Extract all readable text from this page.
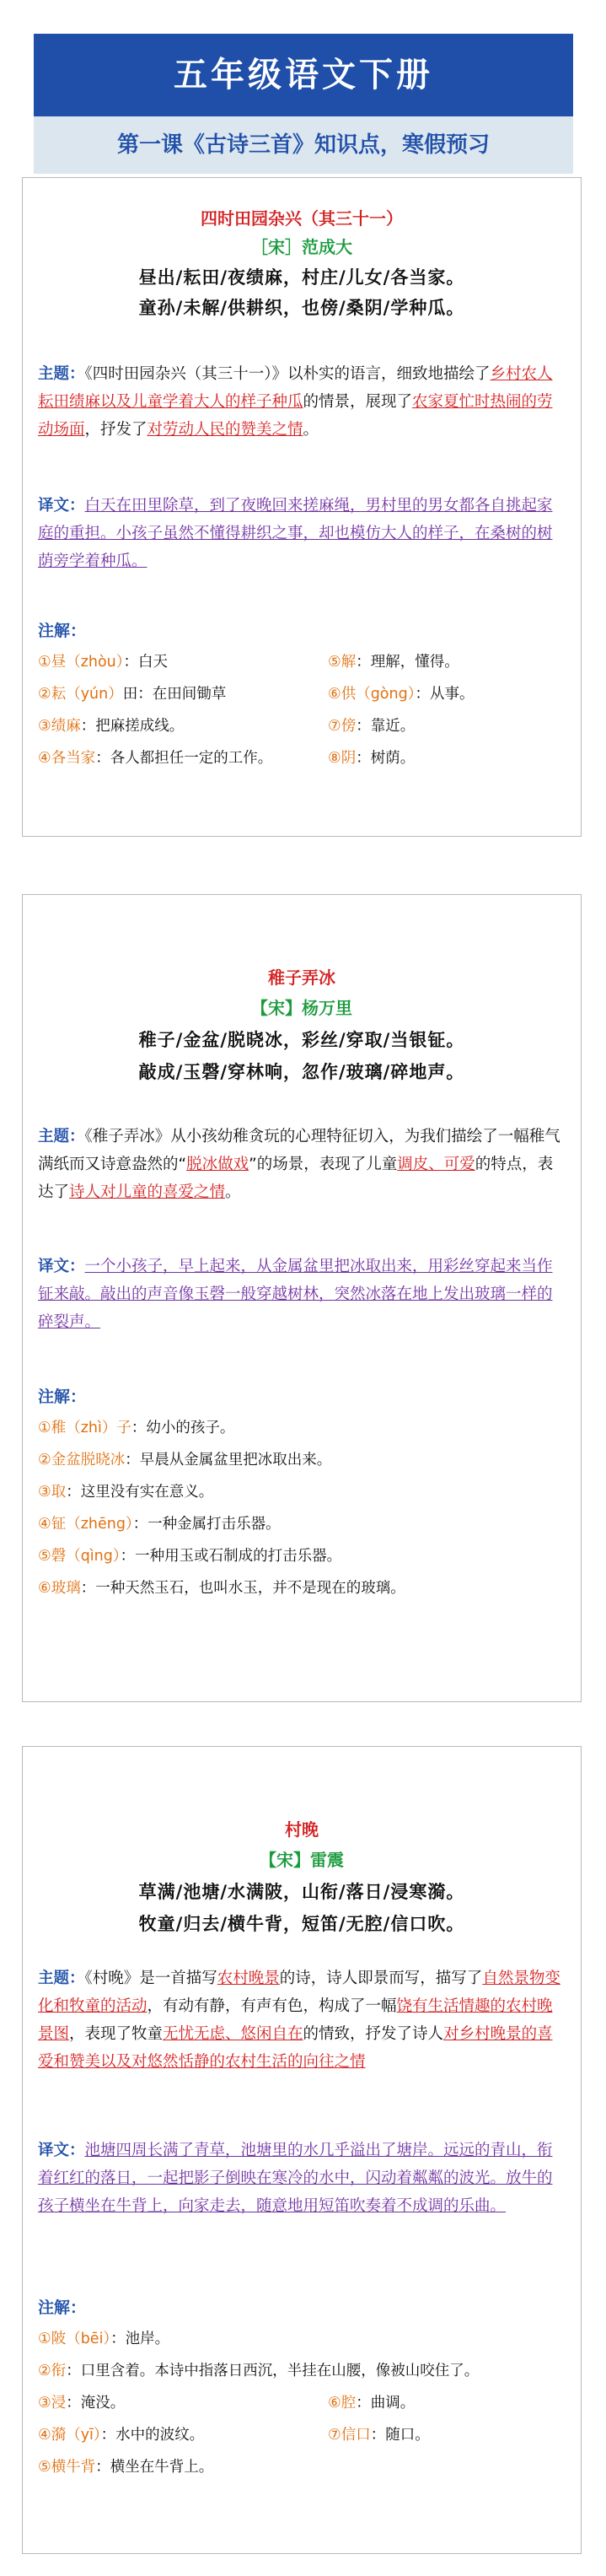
五年级语文下册
第一课《古诗三首》知识点，寒假预习
四时田园杂兴（其三十一）
［宋］范成大
昼出/耘田/夜绩麻，村庄/儿女/各当家。
童孙/未解/供耕织，也傍/桑阴/学种瓜。
主题：《四时田园杂兴（其三十一）》以朴实的语言，细致地描绘了乡村农人耘田绩麻以及儿童学着大人的样子种瓜的情景，展现了农家夏忙时热闹的劳动场面，抒发了对劳动人民的赞美之情。
译文：白天在田里除草，到了夜晚回来搓麻绳，男村里的男女都各自挑起家庭的重担。小孩子虽然不懂得耕织之事，却也模仿大人的样子，在桑树的树荫旁学着种瓜。
注解：
①昼（zhòu）：白天	⑤解：理解，懂得。
②耘（yún）田：在田间锄草	⑥供（gòng）：从事。
③绩麻：把麻搓成线。	⑦傍：靠近。
④各当家：各人都担任一定的工作。	⑧阴：树荫。
稚子弄冰
【宋】杨万里
稚子/金盆/脱晓冰，彩丝/穿取/当银钲。
敲成/玉磬/穿林响，忽作/玻璃/碎地声。
主题：《稚子弄冰》从小孩幼稚贪玩的心理特征切入，为我们描绘了一幅稚气满纸而又诗意盎然的“脱冰做戏”的场景，表现了儿童调皮、可爱的特点，表达了诗人对儿童的喜爱之情。
译文：一个小孩子，早上起来，从金属盆里把冰取出来，用彩丝穿起来当作钲来敲。敲出的声音像玉磬一般穿越树林，突然冰落在地上发出玻璃一样的碎裂声。
注解：
①稚（zhì）子：幼小的孩子。
②金盆脱晓冰：早晨从金属盆里把冰取出来。
③取：这里没有实在意义。
④钲（zhēng）：一种金属打击乐器。
⑤磬（qìng）：一种用玉或石制成的打击乐器。
⑥玻璃：一种天然玉石，也叫水玉，并不是现在的玻璃。
村晚
【宋】雷震
草满/池塘/水满陂，山衔/落日/浸寒漪。
牧童/归去/横牛背，短笛/无腔/信口吹。
主题：《村晚》是一首描写农村晚景的诗，诗人即景而写，描写了自然景物变化和牧童的活动，有动有静，有声有色，构成了一幅饶有生活情趣的农村晚景图，表现了牧童无忧无虑、悠闲自在的情致，抒发了诗人对乡村晚景的喜爱和赞美以及对悠然恬静的农村生活的向往之情
译文：池塘四周长满了青草，池塘里的水几乎溢出了塘岸。远远的青山，衔着红红的落日，一起把影子倒映在寒冷的水中，闪动着粼粼的波光。放牛的孩子横坐在牛背上，向家走去，随意地用短笛吹奏着不成调的乐曲。
注解：
①陂（bēi）：池岸。
②衔：口里含着。本诗中指落日西沉，半挂在山腰，像被山咬住了。
③浸：淹没。	⑥腔：曲调。
④漪（yī）：水中的波纹。	⑦信口：随口。
⑤横牛背：横坐在牛背上。
